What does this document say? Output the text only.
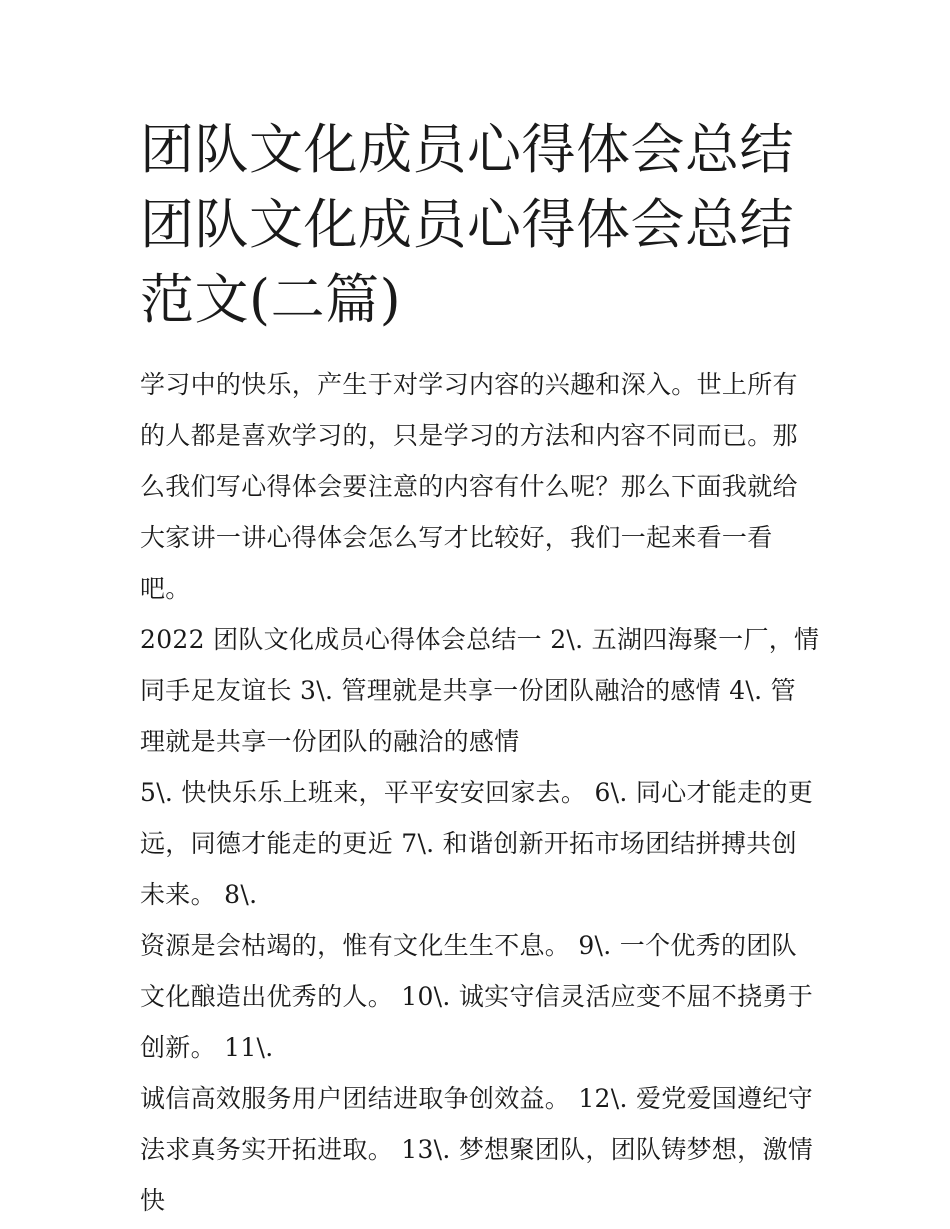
团队文化成员心得体会总结 团队文化成员心得体会总结范文(二篇)

学习中的快乐，产生于对学习内容的兴趣和深入。世上所有的人都是喜欢学习的，只是学习的方法和内容不同而已。那么我们写心得体会要注意的内容有什么呢？那么下面我就给大家讲一讲心得体会怎么写才比较好，我们一起来看一看吧。

2022 团队文化成员心得体会总结一 2\. 五湖四海聚一厂，情同手足友谊长 3\. 管理就是共享一份团队融洽的感情 4\. 管理就是共享一份团队的融洽的感情

5\. 快快乐乐上班来，平平安安回家去。 6\. 同心才能走的更远，同德才能走的更近 7\. 和谐创新开拓市场团结拼搏共创未来。 8\.

资源是会枯竭的，惟有文化生生不息。 9\. 一个优秀的团队文化酿造出优秀的人。 10\. 诚实守信灵活应变不屈不挠勇于创新。 11\.

诚信高效服务用户团结进取争创效益。 12\. 爱党爱国遵纪守法求真务实开拓进取。 13\. 梦想聚团队，团队铸梦想，激情快
